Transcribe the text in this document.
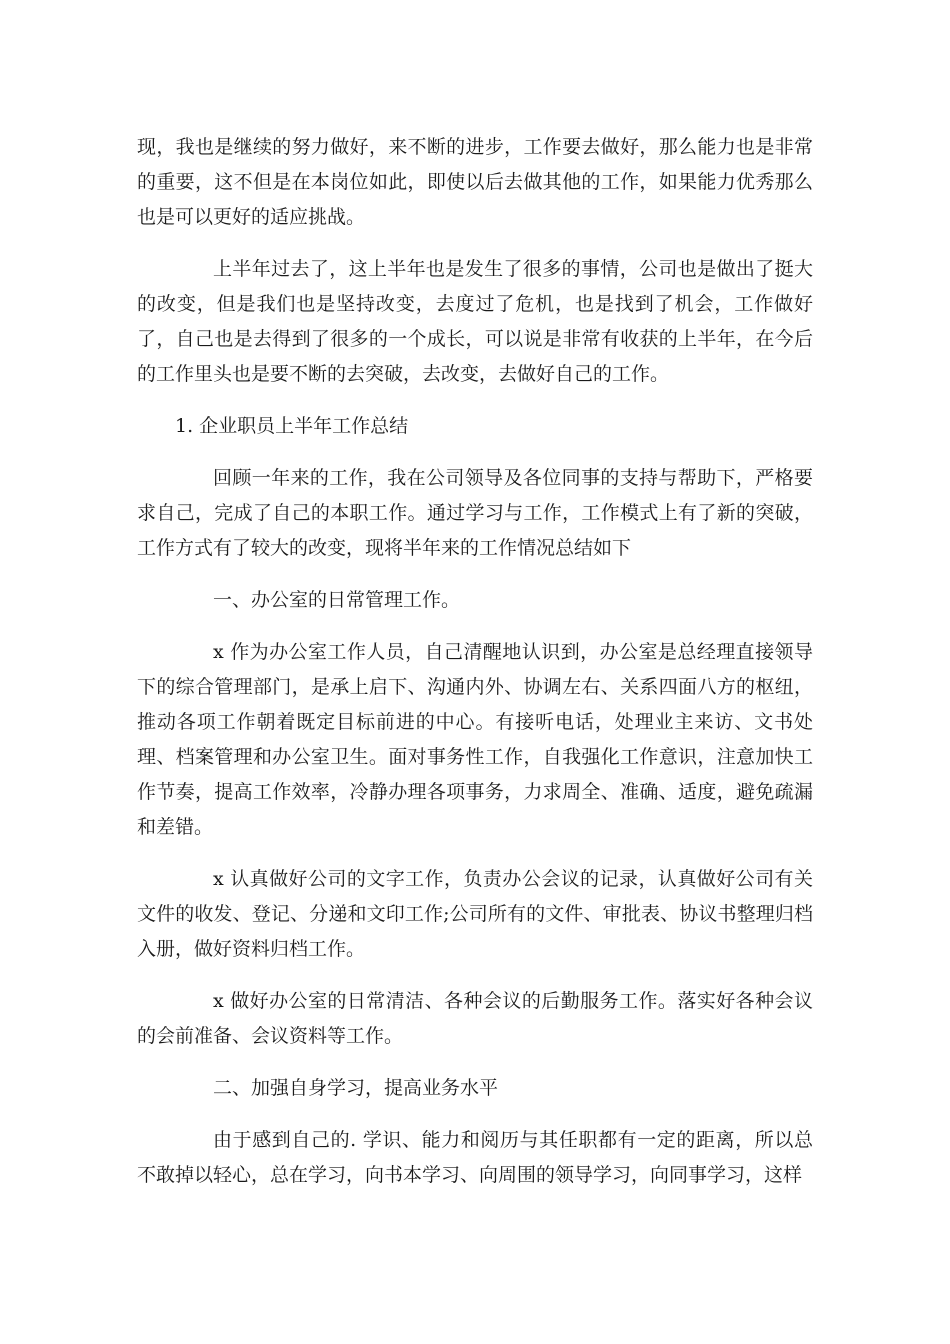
现，我也是继续的努力做好，来不断的进步，工作要去做好，那么能力也是非常的重要，这不但是在本岗位如此，即使以后去做其他的工作，如果能力优秀那么也是可以更好的适应挑战。

上半年过去了，这上半年也是发生了很多的事情，公司也是做出了挺大的改变，但是我们也是坚持改变，去度过了危机，也是找到了机会，工作做好了，自己也是去得到了很多的一个成长，可以说是非常有收获的上半年，在今后的工作里头也是要不断的去突破，去改变，去做好自己的工作。

1. 企业职员上半年工作总结

回顾一年来的工作，我在公司领导及各位同事的支持与帮助下，严格要求自己，完成了自己的本职工作。通过学习与工作，工作模式上有了新的突破，工作方式有了较大的改变，现将半年来的工作情况总结如下

一、办公室的日常管理工作。

x 作为办公室工作人员，自己清醒地认识到，办公室是总经理直接领导下的综合管理部门，是承上启下、沟通内外、协调左右、关系四面八方的枢纽，推动各项工作朝着既定目标前进的中心。有接听电话，处理业主来访、文书处理、档案管理和办公室卫生。面对事务性工作，自我强化工作意识，注意加快工作节奏，提高工作效率，冷静办理各项事务，力求周全、准确、适度，避免疏漏和差错。

x 认真做好公司的文字工作，负责办公会议的记录，认真做好公司有关文件的收发、登记、分递和文印工作;公司所有的文件、审批表、协议书整理归档入册，做好资料归档工作。

x 做好办公室的日常清洁、各种会议的后勤服务工作。落实好各种会议的会前准备、会议资料等工作。

二、加强自身学习，提高业务水平

由于感到自己的. 学识、能力和阅历与其任职都有一定的距离，所以总不敢掉以轻心，总在学习，向书本学习、向周围的领导学习，向同事学习，这样
